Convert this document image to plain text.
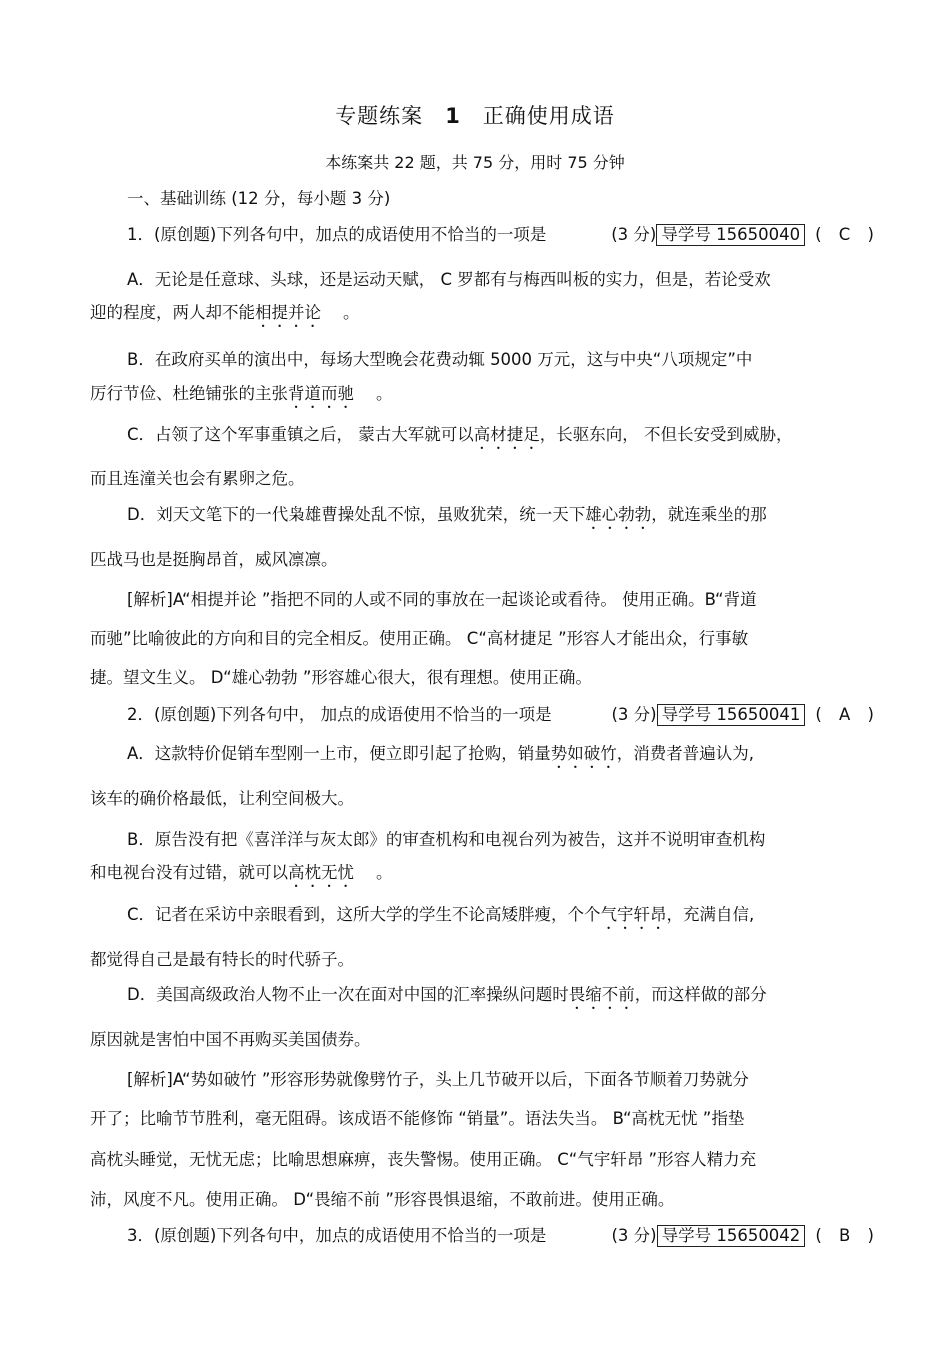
专题练案 1 正确使用成语
本练案共 22 题，共 75 分，用时 75 分钟
一、基础训练 (12 分，每小题 3 分)
1．(原创题)下列各句中，加点的成语使用不恰当的一项是	(3 分) 导学号 15650040 ( C )
A．无论是任意球、头球，还是运动天赋， C 罗都有与梅西叫板的实力，但是，若论受欢
迎的程度，两人却不能相提并论 。
B．在政府买单的演出中，每场大型晚会花费动辄 5000 万元，这与中央“八项规定”中
厉行节俭、杜绝铺张的主张背道而驰 。
C．占领了这个军事重镇之后， 蒙古大军就可以高材捷足，长驱东向， 不但长安受到威胁，
而且连潼关也会有累卵之危。
D．刘天文笔下的一代枭雄曹操处乱不惊，虽败犹荣，统一天下雄心勃勃，就连乘坐的那
匹战马也是挺胸昂首，威风凛凛。
[解析]A“相提并论 ”指把不同的人或不同的事放在一起谈论或看待。 使用正确。B“背道
而驰”比喻彼此的方向和目的完全相反。使用正确。 C“高材捷足 ”形容人才能出众，行事敏
捷。望文生义。 D“雄心勃勃 ”形容雄心很大，很有理想。使用正确。
2．(原创题)下列各句中， 加点的成语使用不恰当的一项是	(3 分) 导学号 15650041 ( A )
A．这款特价促销车型刚一上市，便立即引起了抢购，销量势如破竹，消费者普遍认为,
该车的确价格最低，让利空间极大。
B．原告没有把《喜洋洋与灰太郎》的审查机构和电视台列为被告，这并不说明审查机构
和电视台没有过错，就可以高枕无忧 。
C．记者在采访中亲眼看到，这所大学的学生不论高矮胖瘦，个个气宇轩昂，充满自信,
都觉得自己是最有特长的时代骄子。
D．美国高级政治人物不止一次在面对中国的汇率操纵问题时畏缩不前，而这样做的部分
原因就是害怕中国不再购买美国债券。
[解析]A“势如破竹 ”形容形势就像劈竹子，头上几节破开以后，下面各节顺着刀势就分
开了；比喻节节胜利，毫无阻碍。该成语不能修饰 “销量”。语法失当。 B“高枕无忧 ”指垫
高枕头睡觉，无忧无虑；比喻思想麻痹，丧失警惕。使用正确。 C“气宇轩昂 ”形容人精力充
沛，风度不凡。使用正确。 D“畏缩不前 ”形容畏惧退缩，不敢前进。使用正确。
3．(原创题)下列各句中，加点的成语使用不恰当的一项是	(3 分) 导学号 15650042 ( B )
